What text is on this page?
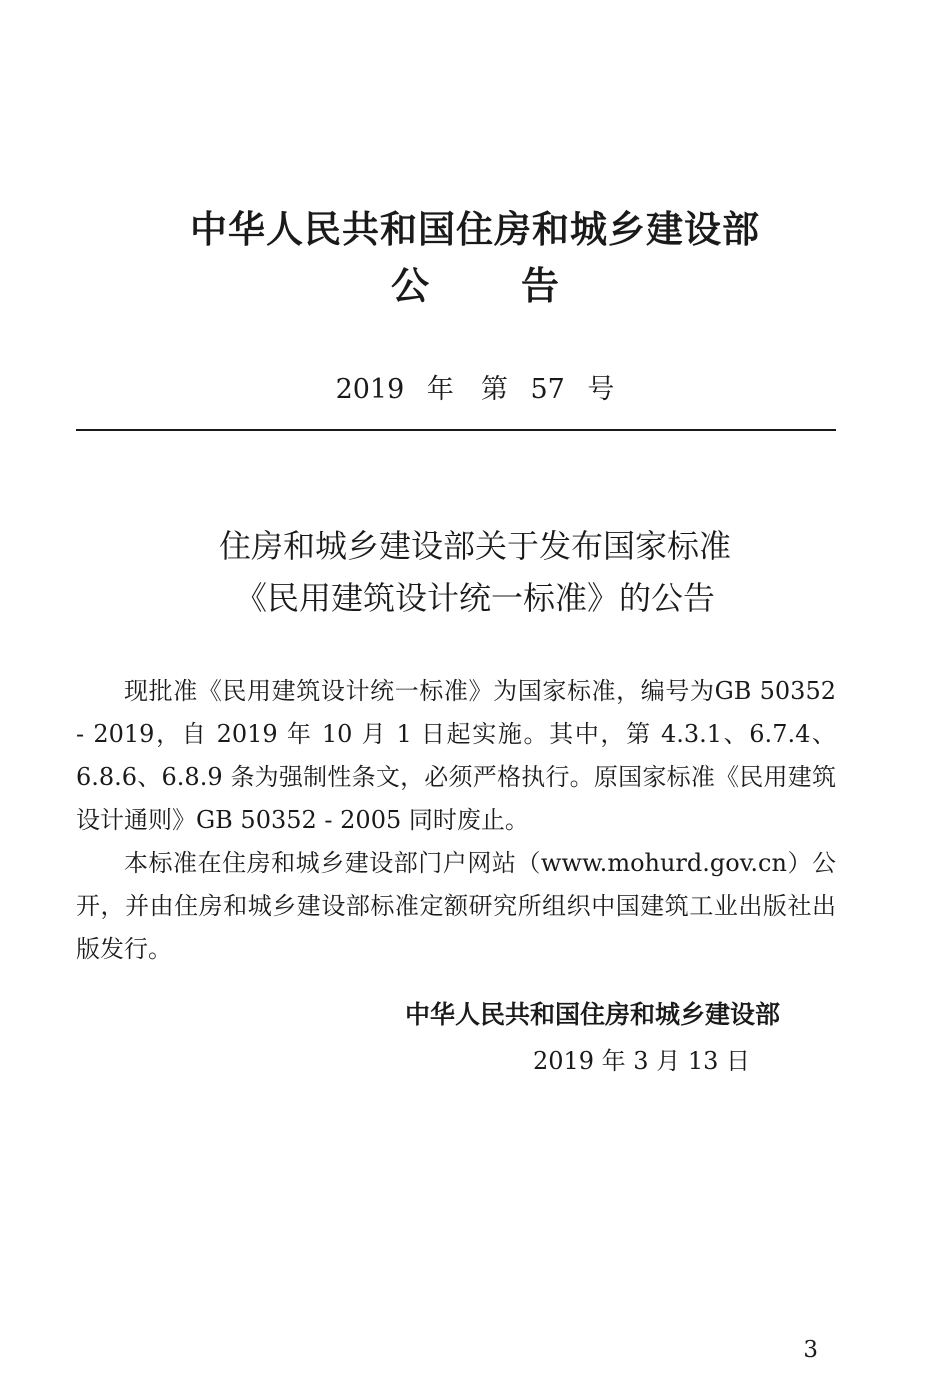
中华人民共和国住房和城乡建设部
公告
2019 年　第 57 号
住房和城乡建设部关于发布国家标准
《民用建筑设计统一标准》的公告

现批准《民用建筑设计统一标准》为国家标准，编号为GB 50352 - 2019，自 2019 年 10 月 1 日起实施。其中，第 4.3.1、6.7.4、6.8.6、6.8.9 条为强制性条文，必须严格执行。原国家标准《民用建筑设计通则》GB 50352 - 2005 同时废止。

本标准在住房和城乡建设部门户网站（www.mohurd.gov.cn）公开，并由住房和城乡建设部标准定额研究所组织中国建筑工业出版社出版发行。

中华人民共和国住房和城乡建设部
2019 年 3 月 13 日
3
